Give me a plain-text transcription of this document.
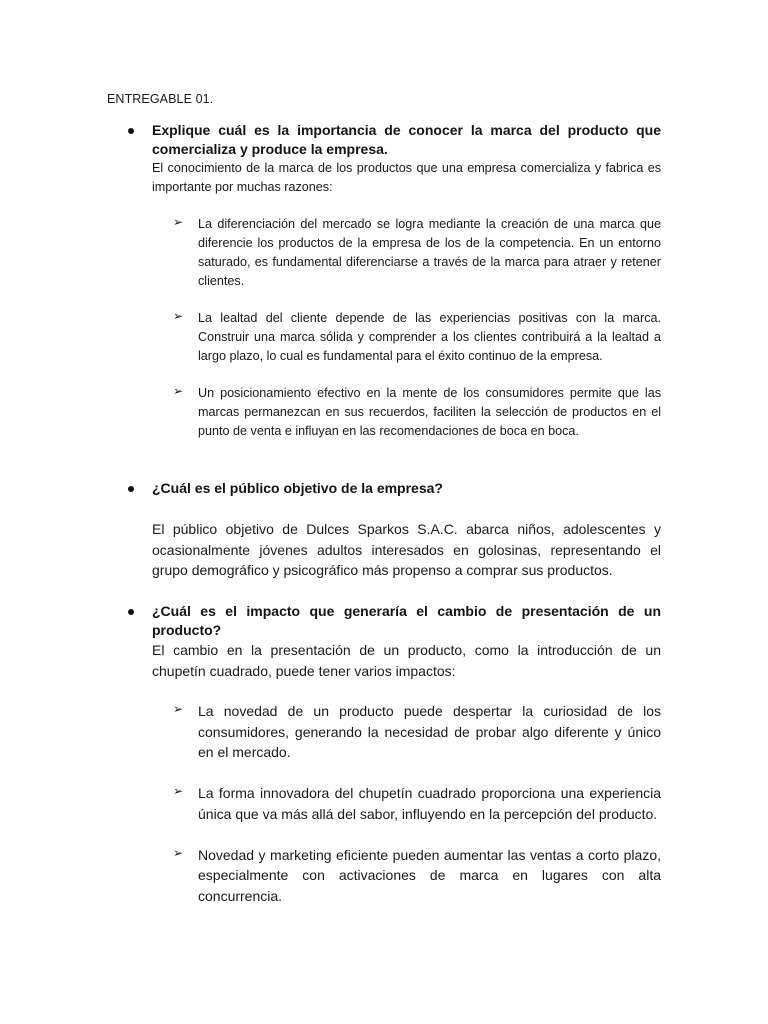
ENTREGABLE 01.
Explique cuál es la importancia de conocer la marca del producto que comercializa y produce la empresa.
El conocimiento de la marca de los productos que una empresa comercializa y fabrica es importante por muchas razones:
➢ La diferenciación del mercado se logra mediante la creación de una marca que diferencie los productos de la empresa de los de la competencia. En un entorno saturado, es fundamental diferenciarse a través de la marca para atraer y retener clientes.
➢ La lealtad del cliente depende de las experiencias positivas con la marca. Construir una marca sólida y comprender a los clientes contribuirá a la lealtad a largo plazo, lo cual es fundamental para el éxito continuo de la empresa.
➢ Un posicionamiento efectivo en la mente de los consumidores permite que las marcas permanezcan en sus recuerdos, faciliten la selección de productos en el punto de venta e influyan en las recomendaciones de boca en boca.
¿Cuál es el público objetivo de la empresa?
El público objetivo de Dulces Sparkos S.A.C. abarca niños, adolescentes y ocasionalmente jóvenes adultos interesados en golosinas, representando el grupo demográfico y psicográfico más propenso a comprar sus productos.
¿Cuál es el impacto que generaría el cambio de presentación de un producto?
El cambio en la presentación de un producto, como la introducción de un chupetín cuadrado, puede tener varios impactos:
➢ La novedad de un producto puede despertar la curiosidad de los consumidores, generando la necesidad de probar algo diferente y único en el mercado.
➢ La forma innovadora del chupetín cuadrado proporciona una experiencia única que va más allá del sabor, influyendo en la percepción del producto.
➢ Novedad y marketing eficiente pueden aumentar las ventas a corto plazo, especialmente con activaciones de marca en lugares con alta concurrencia.
